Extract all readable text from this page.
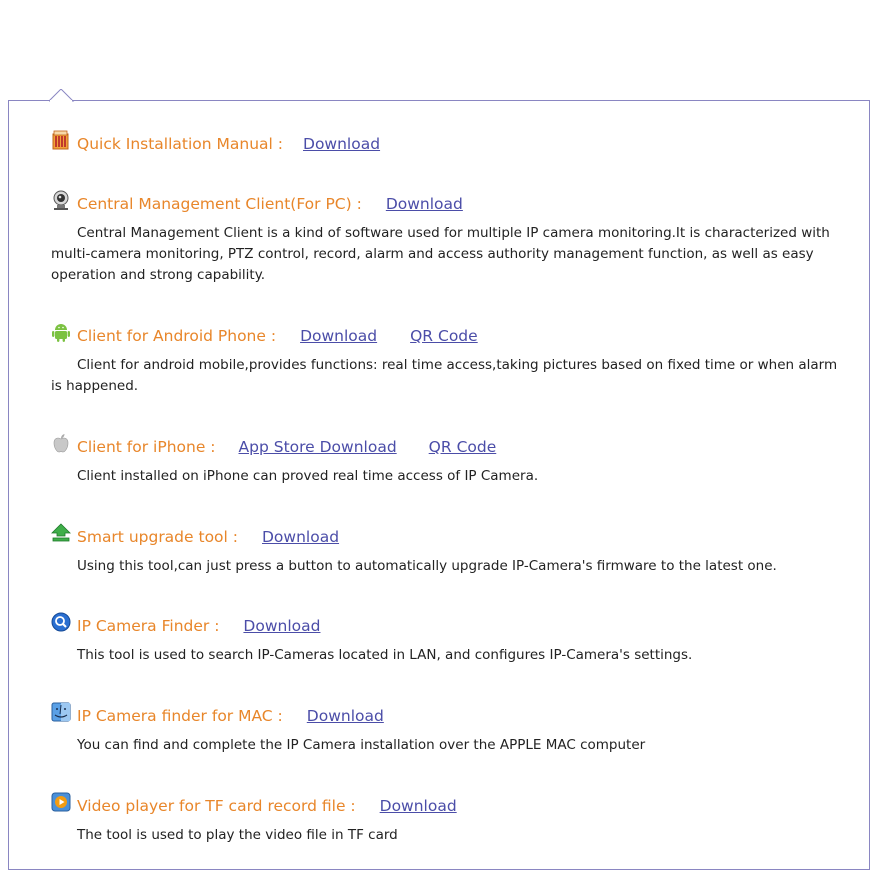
Quick Installation Manual : Download
Central Management Client(For PC) : Download

Central Management Client is a kind of software used for multiple IP camera monitoring.It is characterized with multi-camera monitoring, PTZ control, record, alarm and access authority management function, as well as easy operation and strong capability.

Client for Android Phone : Download QR Code

Client for android mobile,provides functions: real time access,taking pictures based on fixed time or when alarm is happened.

Client for iPhone : App Store Download QR Code

Client installed on iPhone can proved real time access of IP Camera.

Smart upgrade tool : Download

Using this tool,can just press a button to automatically upgrade IP-Camera's firmware to the latest one.

IP Camera Finder : Download

This tool is used to search IP-Cameras located in LAN, and configures IP-Camera's settings.

IP Camera finder for MAC : Download

You can find and complete the IP Camera installation over the APPLE MAC computer

Video player for TF card record file : Download

The tool is used to play the video file in TF card
